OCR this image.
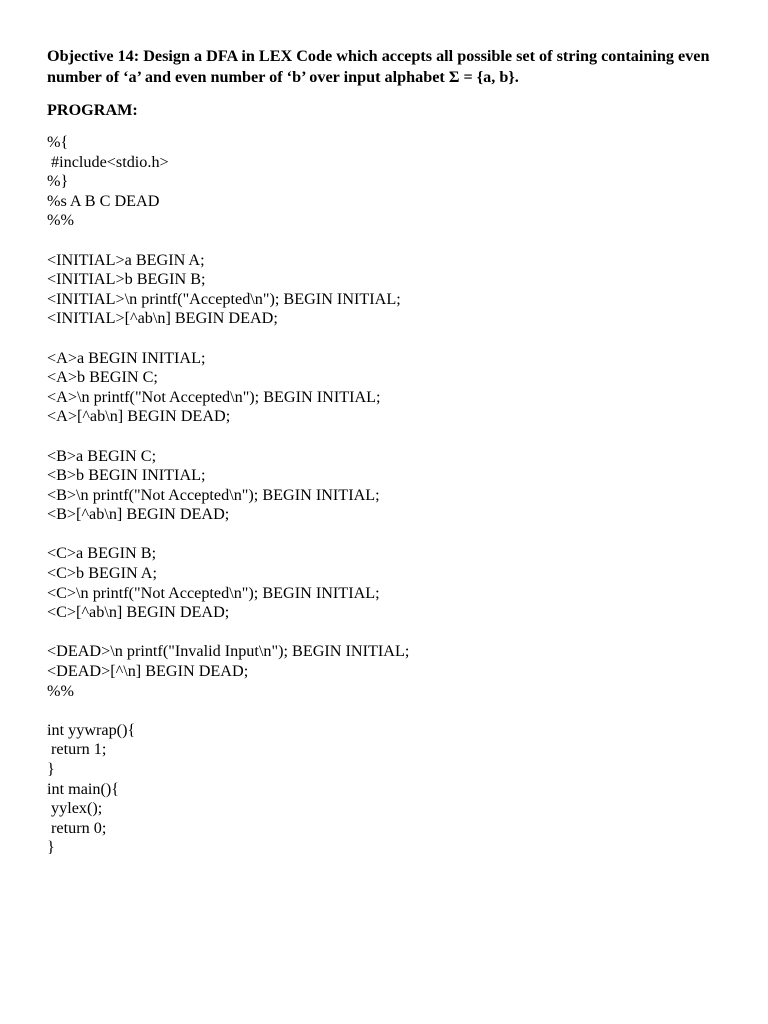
Objective 14: Design a DFA in LEX Code which accepts all possible set of string containing even number of ‘a’ and even number of ‘b’ over input alphabet Σ = {a, b}.

PROGRAM:

%{
#include<stdio.h>
%}
%s A B C DEAD
%%
<INITIAL>a BEGIN A;
<INITIAL>b BEGIN B;
<INITIAL>\n printf("Accepted\n"); BEGIN INITIAL;
<INITIAL>[^ab\n] BEGIN DEAD;
<A>a BEGIN INITIAL;
<A>b BEGIN C;
<A>\n printf("Not Accepted\n"); BEGIN INITIAL;
<A>[^ab\n] BEGIN DEAD;
<B>a BEGIN C;
<B>b BEGIN INITIAL;
<B>\n printf("Not Accepted\n"); BEGIN INITIAL;
<B>[^ab\n] BEGIN DEAD;
<C>a BEGIN B;
<C>b BEGIN A;
<C>\n printf("Not Accepted\n"); BEGIN INITIAL;
<C>[^ab\n] BEGIN DEAD;
<DEAD>\n printf("Invalid Input\n"); BEGIN INITIAL;
<DEAD>[^\n] BEGIN DEAD;
%%
int yywrap(){
return 1;
}
int main(){
yylex();
return 0;
}
